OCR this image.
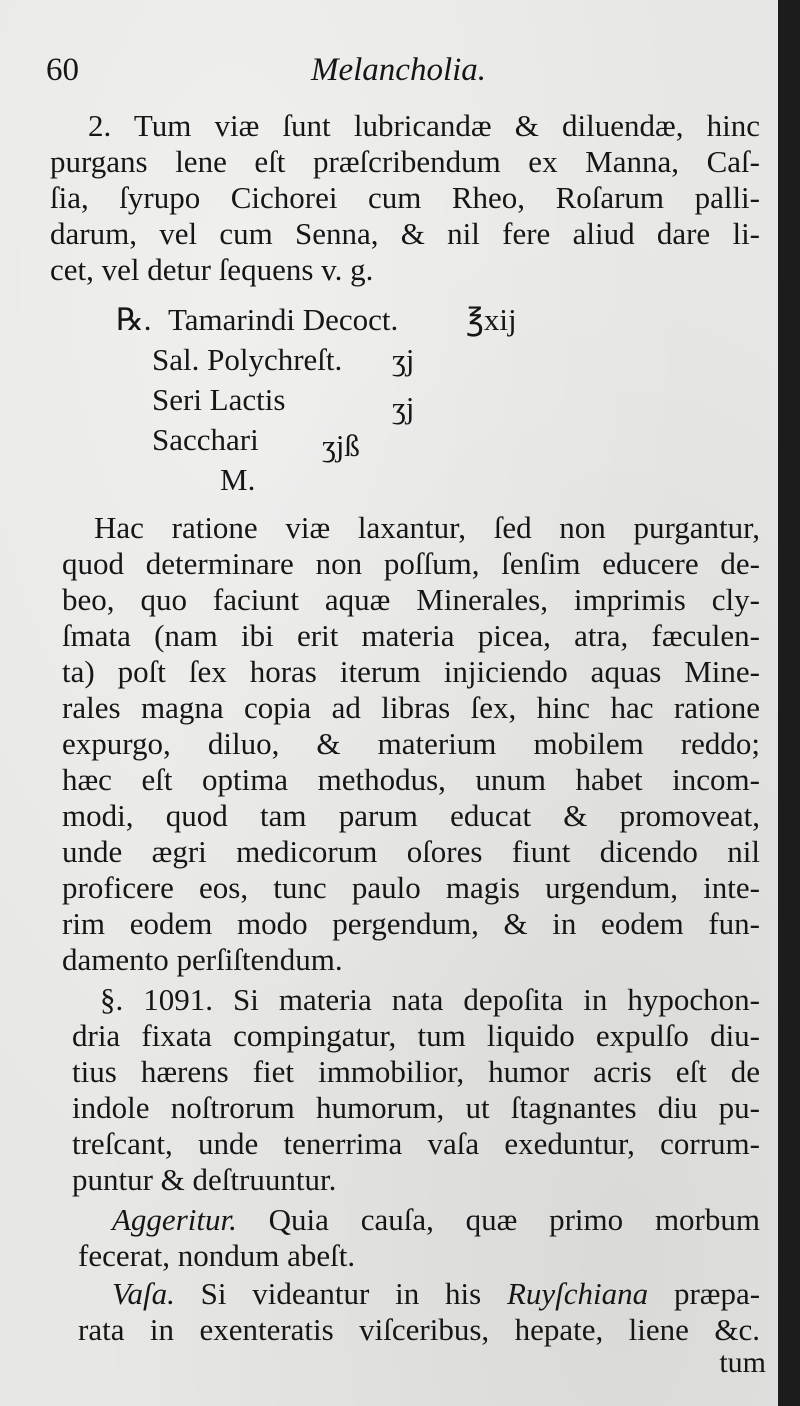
60	Melancholia.
2. Tum viæ ſunt lubricandæ & diluendæ, hinc
purgans lene eſt præſcribendum ex Manna, Caſ-
ſia, ſyrupo Cichorei cum Rheo, Roſarum palli-
darum, vel cum Senna, & nil fere aliud dare li-
cet, vel detur ſequens v. g.
℞. Tamarindi Decoct. ℥xij
Sal. Polychreſt. ʒj
Seri Lactis	ʒj
Sacchari ʒjß
M.
Hac ratione viæ laxantur, ſed non purgantur,
quod determinare non poſſum, ſenſim educere de-
beo, quo faciunt aquæ Minerales, imprimis cly-
ſmata (nam ibi erit materia picea, atra, fæculen-
ta) poſt ſex horas iterum injiciendo aquas Mine-
rales magna copia ad libras ſex, hinc hac ratione
expurgo, diluo, & materium mobilem reddo;
hæc eſt optima methodus, unum habet incom-
modi, quod tam parum educat & promoveat,
unde ægri medicorum oſores fiunt dicendo nil
proficere eos, tunc paulo magis urgendum, inte-
rim eodem modo pergendum, & in eodem fun-
damento perſiſtendum.
§. 1091. Si materia nata depoſita in hypochon-
dria fixata compingatur, tum liquido expulſo diu-
tius hærens fiet immobilior, humor acris eſt de
indole noſtrorum humorum, ut ſtagnantes diu pu-
treſcant, unde tenerrima vaſa exeduntur, corrum-
puntur & deſtruuntur.
Aggeritur. Quia cauſa, quæ primo morbum
fecerat, nondum abeſt.
Vaſa. Si videantur in his Ruyſchiana præpa-
rata in exenteratis viſceribus, hepate, liene &c.
tum
